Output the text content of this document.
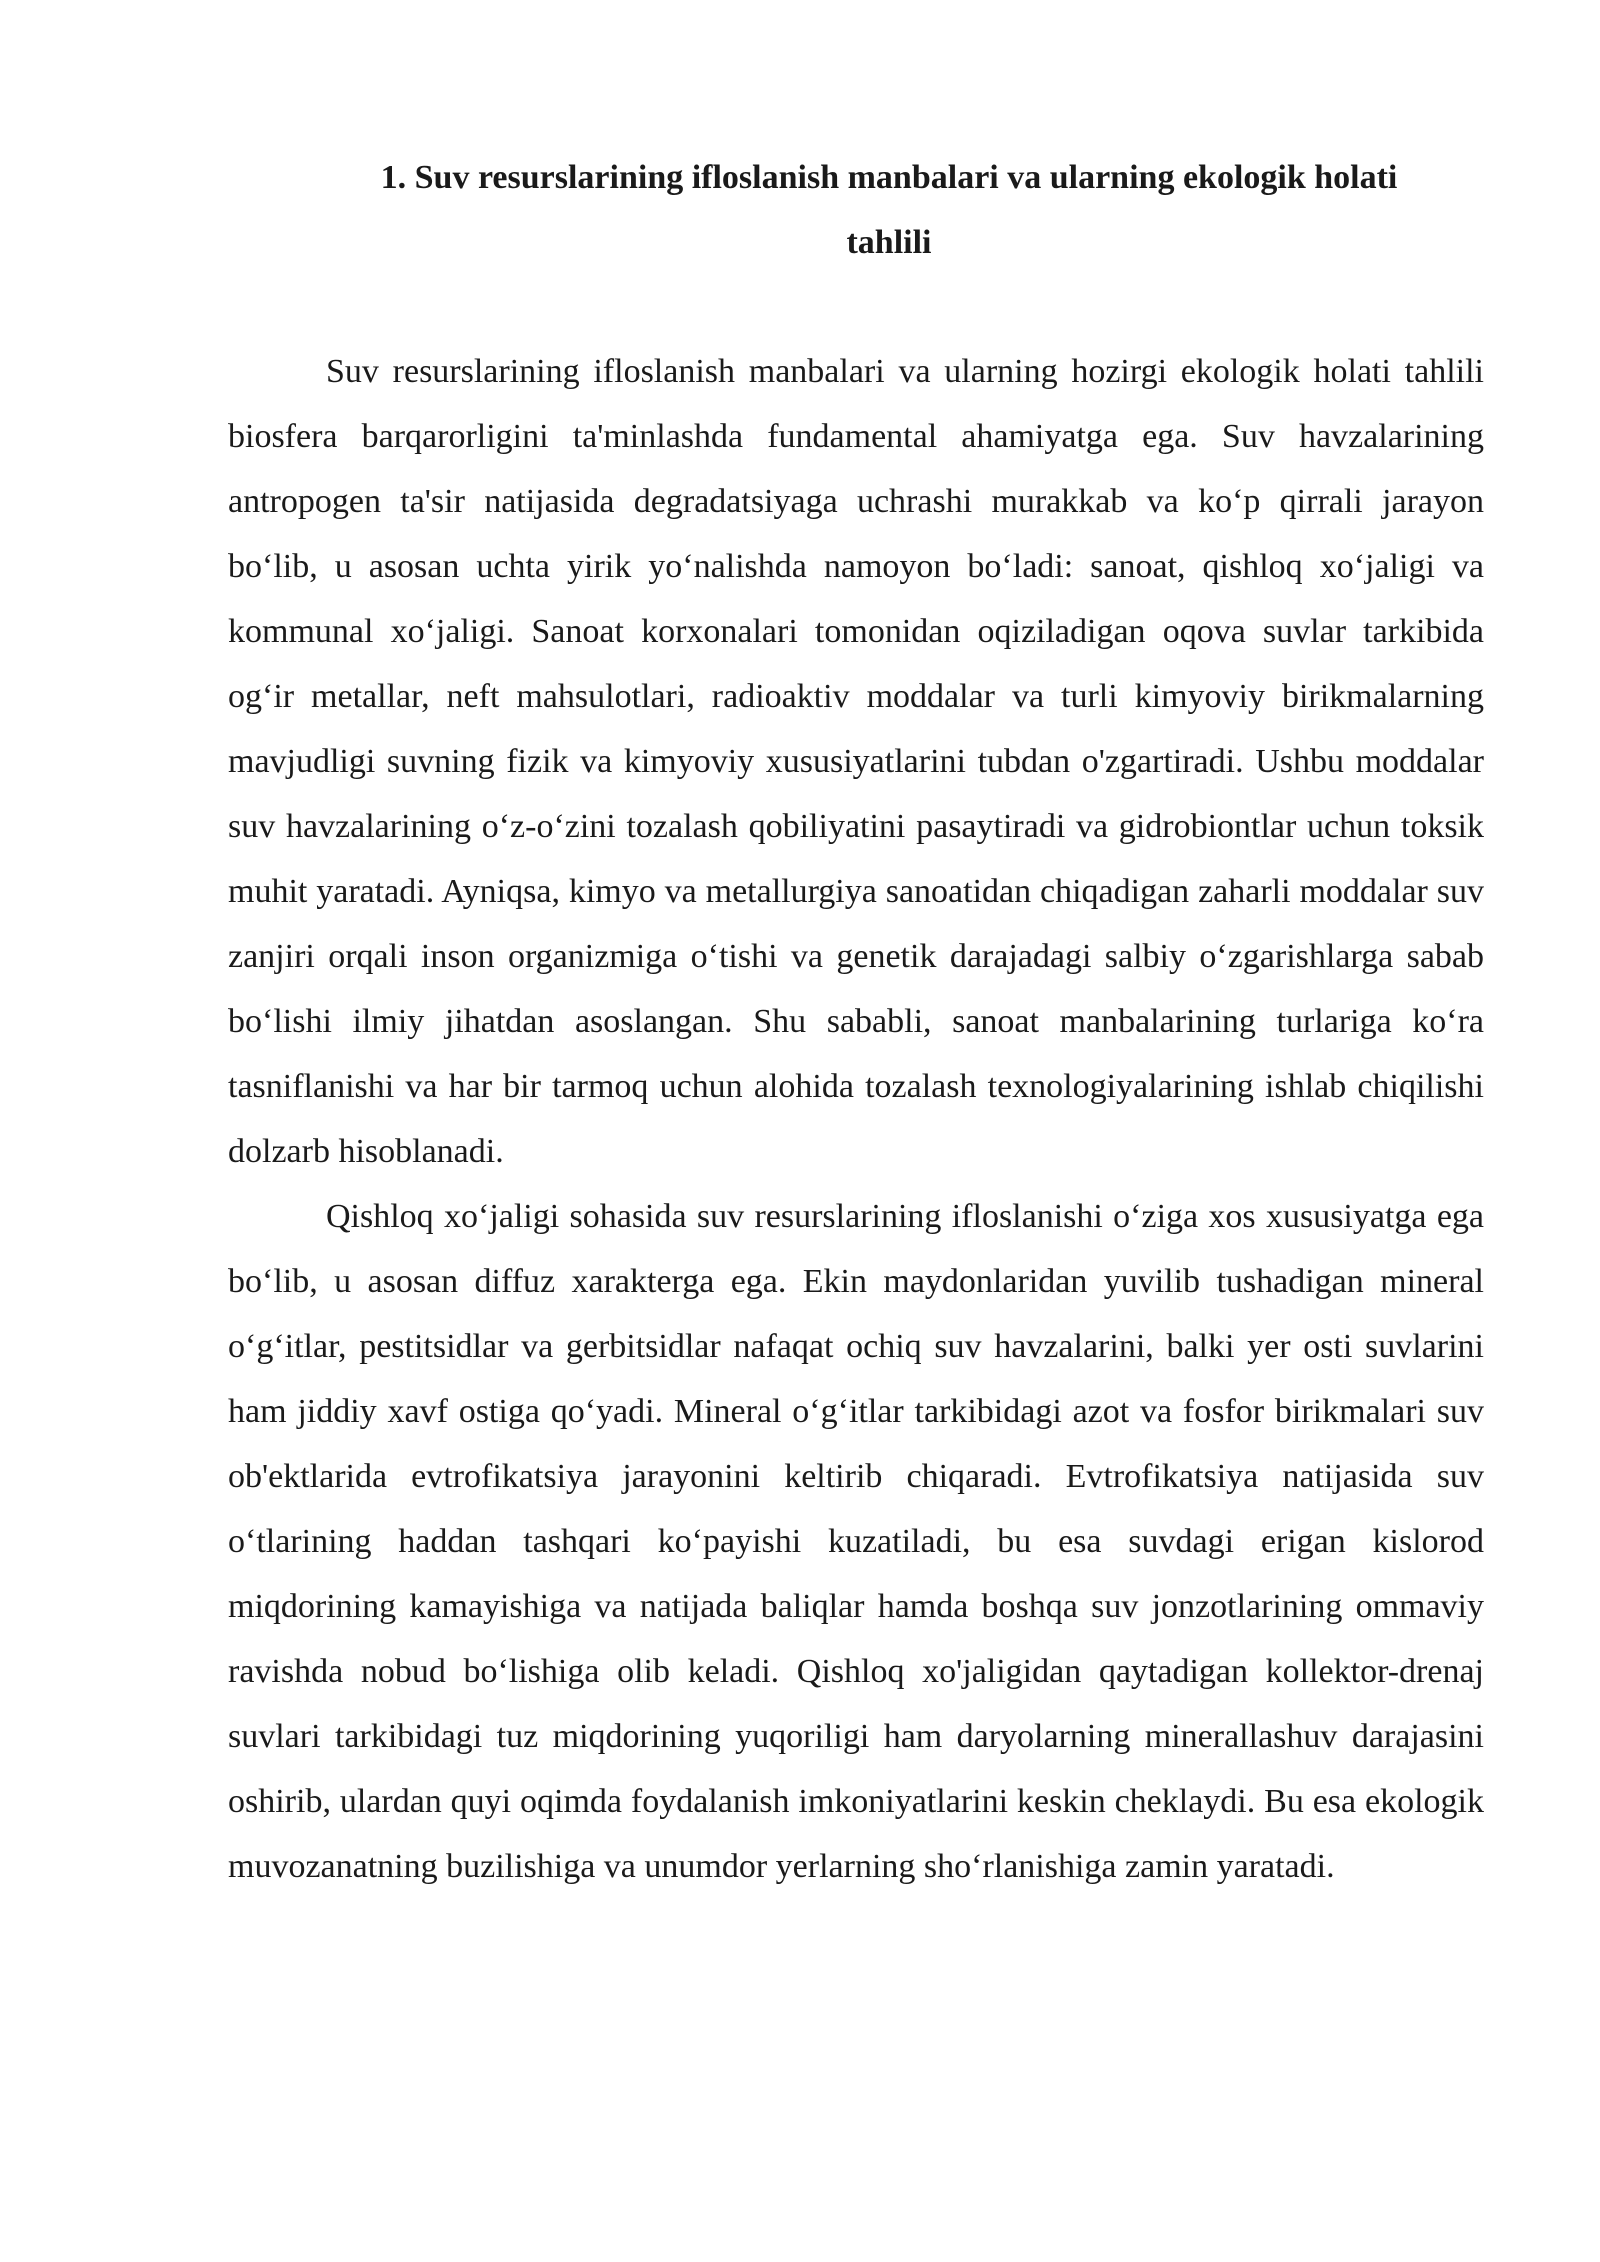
1. Suv resurslarining ifloslanish manbalari va ularning ekologik holati
tahlili

Suv resurslarining ifloslanish manbalari va ularning hozirgi ekologik holati tahlili biosfera barqarorligini ta'minlashda fundamental ahamiyatga ega. Suv havzalarining antropogen ta'sir natijasida degradatsiyaga uchrashi murakkab va ko‘p qirrali jarayon bo‘lib, u asosan uchta yirik yo‘nalishda namoyon bo‘ladi: sanoat, qishloq xo‘jaligi va kommunal xo‘jaligi. Sanoat korxonalari tomonidan oqiziladigan oqova suvlar tarkibida og‘ir metallar, neft mahsulotlari, radioaktiv moddalar va turli kimyoviy birikmalarning mavjudligi suvning fizik va kimyoviy xususiyatlarini tubdan o'zgartiradi. Ushbu moddalar suv havzalarining o‘z-o‘zini tozalash qobiliyatini pasaytiradi va gidrobiontlar uchun toksik muhit yaratadi. Ayniqsa, kimyo va metallurgiya sanoatidan chiqadigan zaharli moddalar suv zanjiri orqali inson organizmiga o‘tishi va genetik darajadagi salbiy o‘zgarishlarga sabab bo‘lishi ilmiy jihatdan asoslangan. Shu sababli, sanoat manbalarining turlariga ko‘ra tasniflanishi va har bir tarmoq uchun alohida tozalash texnologiyalarining ishlab chiqilishi dolzarb hisoblanadi.

Qishloq xo‘jaligi sohasida suv resurslarining ifloslanishi o‘ziga xos xususiyatga ega bo‘lib, u asosan diffuz xarakterga ega. Ekin maydonlaridan yuvilib tushadigan mineral o‘g‘itlar, pestitsidlar va gerbitsidlar nafaqat ochiq suv havzalarini, balki yer osti suvlarini ham jiddiy xavf ostiga qo‘yadi. Mineral o‘g‘itlar tarkibidagi azot va fosfor birikmalari suv ob'ektlarida evtrofikatsiya jarayonini keltirib chiqaradi. Evtrofikatsiya natijasida suv o‘tlarining haddan tashqari ko‘payishi kuzatiladi, bu esa suvdagi erigan kislorod miqdorining kamayishiga va natijada baliqlar hamda boshqa suv jonzotlarining ommaviy ravishda nobud bo‘lishiga olib keladi. Qishloq xo'jaligidan qaytadigan kollektor-drenaj suvlari tarkibidagi tuz miqdorining yuqoriligi ham daryolarning minerallashuv darajasini oshirib, ulardan quyi oqimda foydalanish imkoniyatlarini keskin cheklaydi. Bu esa ekologik muvozanatning buzilishiga va unumdor yerlarning sho‘rlanishiga zamin yaratadi.
